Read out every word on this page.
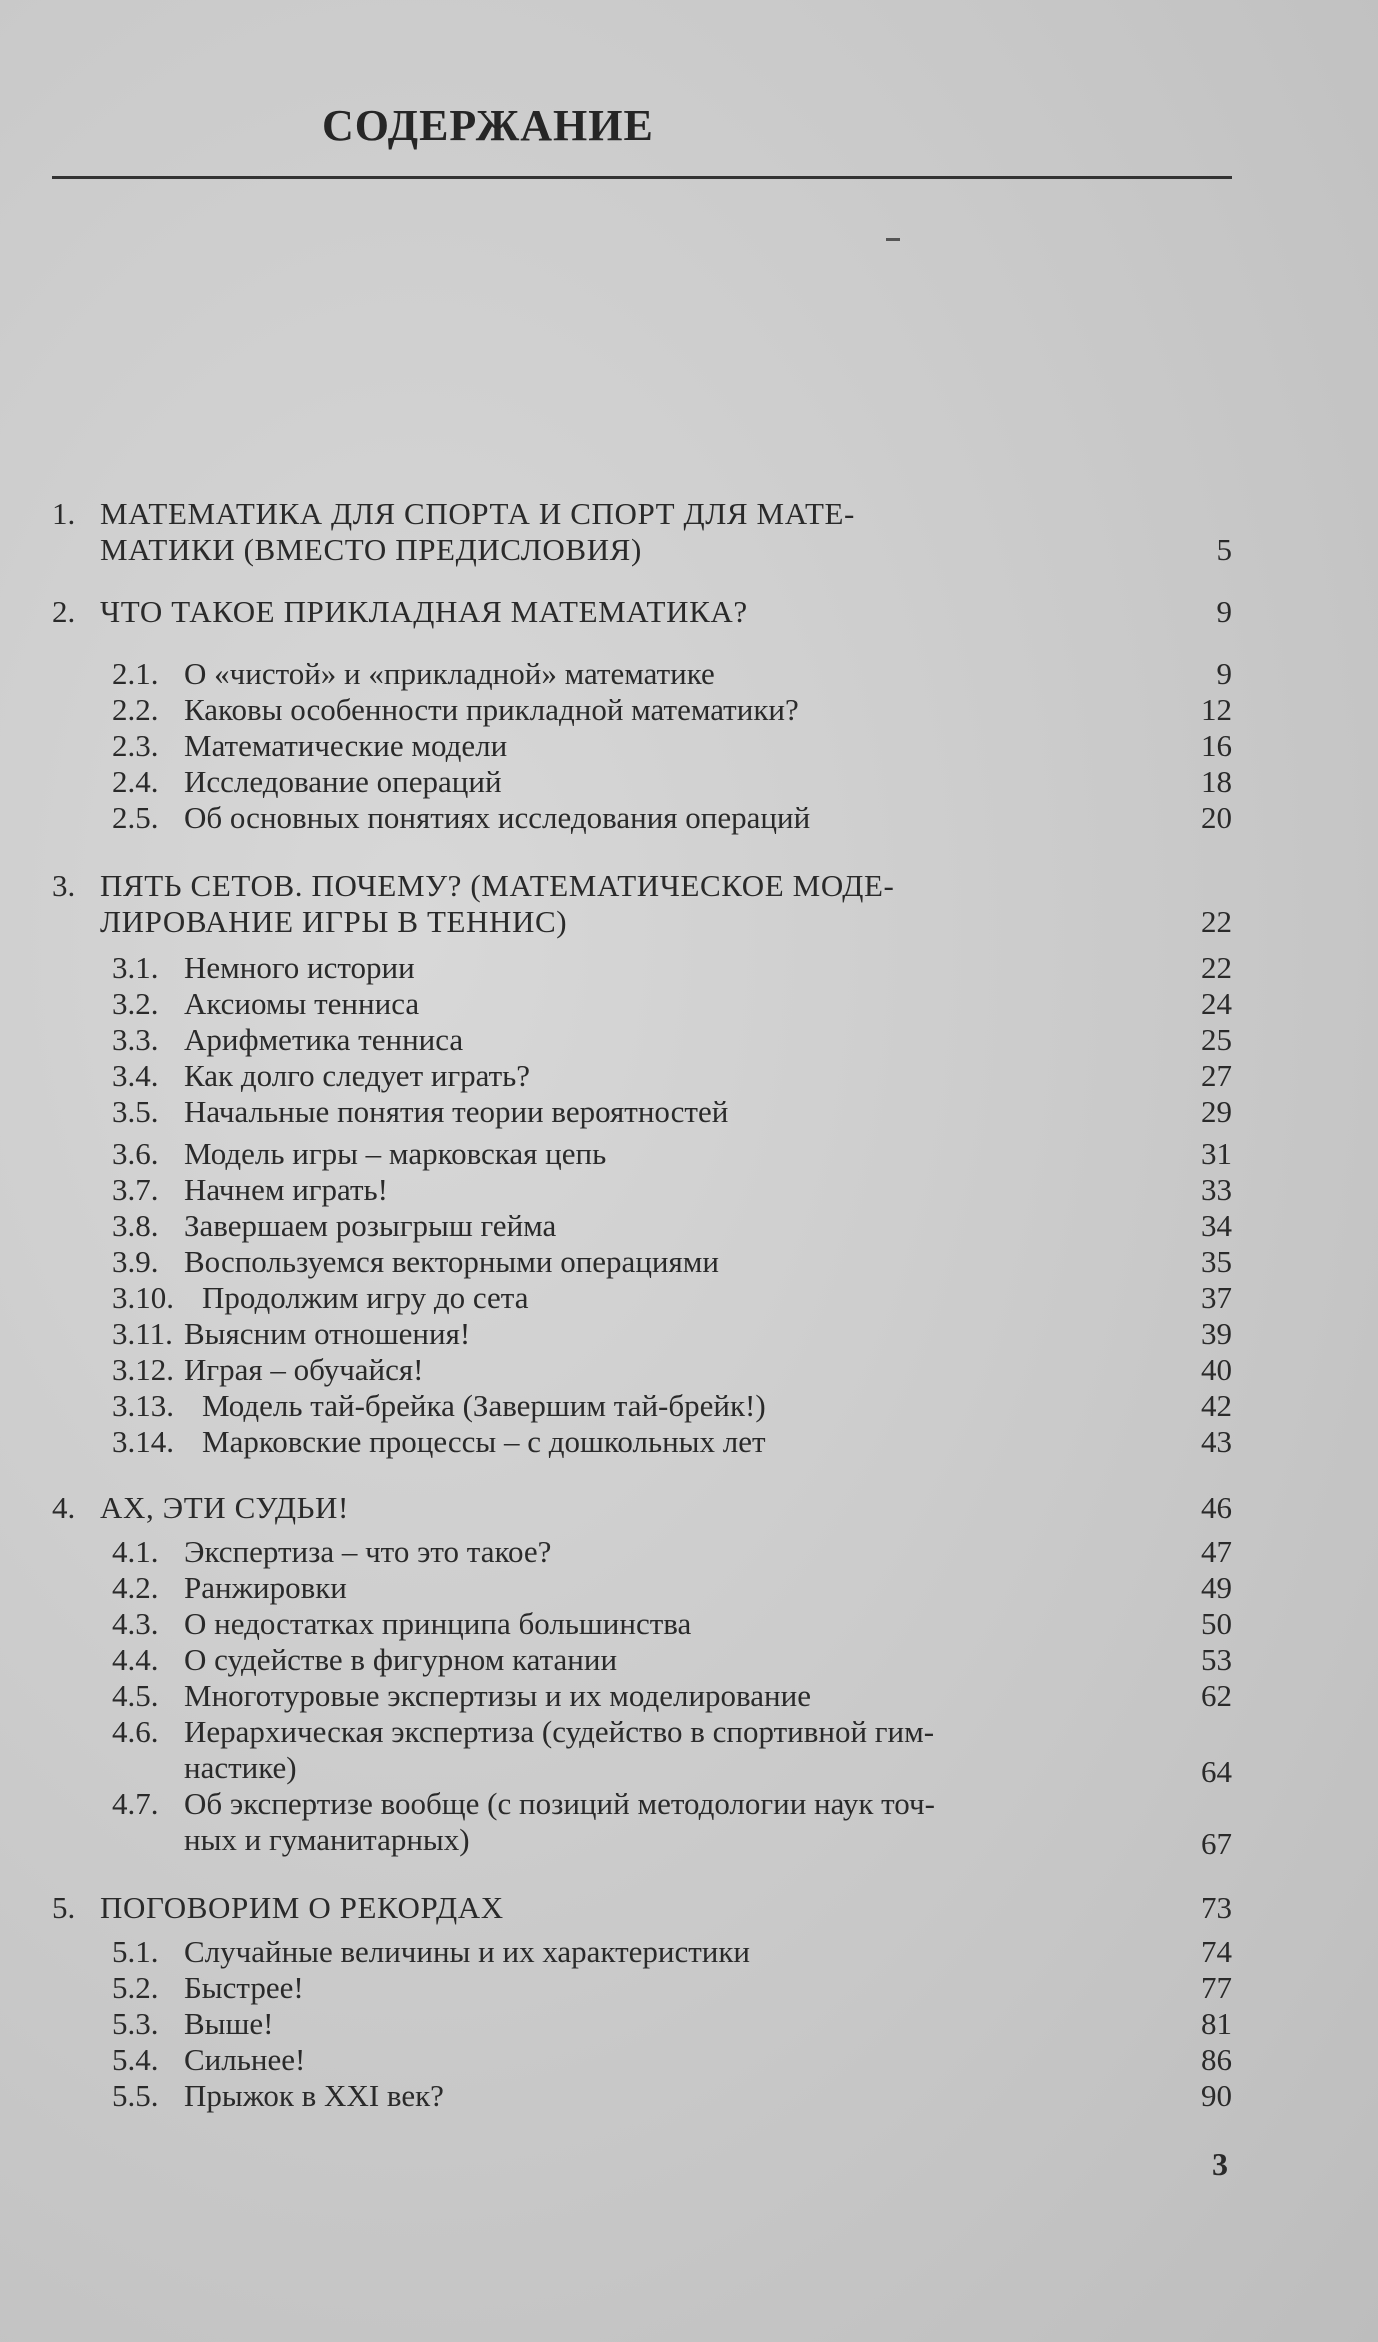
СОДЕРЖАНИЕ
1. МАТЕМАТИКА ДЛЯ СПОРТА И СПОРТ ДЛЯ МАТЕ-
МАТИКИ (ВМЕСТО ПРЕДИСЛОВИЯ)	5
2. ЧТО ТАКОЕ ПРИКЛАДНАЯ МАТЕМАТИКА?	9
2.1. О «чистой» и «прикладной» математике	9
2.2. Каковы особенности прикладной математики?	12
2.3. Математические модели	16
2.4. Исследование операций	18
2.5. Об основных понятиях исследования операций	20
3. ПЯТЬ СЕТОВ. ПОЧЕМУ? (МАТЕМАТИЧЕСКОЕ МОДЕ-
ЛИРОВАНИЕ ИГРЫ В ТЕННИС)	22
3.1. Немного истории	22
3.2. Аксиомы тенниса	24
3.3. Арифметика тенниса	25
3.4. Как долго следует играть?	27
3.5. Начальные понятия теории вероятностей	29
3.6. Модель игры – марковская цепь	31
3.7. Начнем играть!	33
3.8. Завершаем розыгрыш гейма	34
3.9. Воспользуемся векторными операциями	35
3.10. Продолжим игру до сета	37
3.11. Выясним отношения!	39
3.12. Играя – обучайся!	40
3.13. Модель тай-брейка (Завершим тай-брейк!)	42
3.14. Марковские процессы – с дошкольных лет	43
4. АХ, ЭТИ СУДЬИ!	46
4.1. Экспертиза – что это такое?	47
4.2. Ранжировки	49
4.3. О недостатках принципа большинства	50
4.4. О судействе в фигурном катании	53
4.5. Многотуровые экспертизы и их моделирование	62
4.6. Иерархическая экспертиза (судейство в спортивной гим-
настике)	64
4.7. Об экспертизе вообще (с позиций методологии наук точ-
ных и гуманитарных)	67
5. ПОГОВОРИМ О РЕКОРДАХ	73
5.1. Случайные величины и их характеристики	74
5.2. Быстрее!	77
5.3. Выше!	81
5.4. Сильнее!	86
5.5. Прыжок в XXI век?	90
3
